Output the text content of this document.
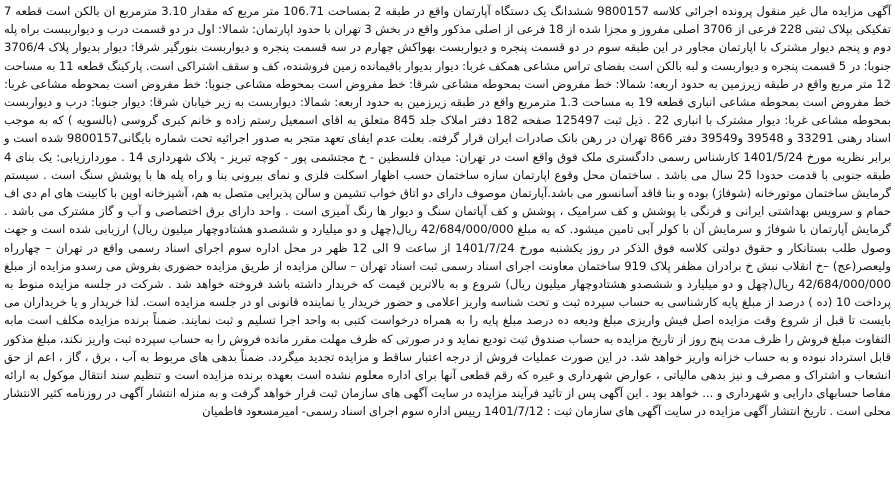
آگهی مزایده مال غیر منقول پرونده اجرائی کلاسه 9800157 ششدانگ یک دستگاه آپارتمان واقع در طبقه 2 بمساحت 106.71 متر مربع که مقدار 3.10 مترمربع ان بالکن است قطعه 7 تفکیکی بپلاک ثبتی 228 فرعی از 3706 اصلی مفروز و مجزا شده از 18 فرعی از اصلی مذکور واقع در بخش 3 تهران با حدود اپارتمان: شمالا: اول در دو قسمت درب و دیوارببست براه پله دوم و پنجم دیوار مشترک با اپارتمان مجاور در این طبقه سوم در دو قسمت پنجره و دیواربست بهواکش چهارم در سه قسمت پنجره و دیواربست بنورگیر شرقا: دیوار بدیوار پلاک 3706/4 جنوبا: در 5 قسمت پنجره و دیواربست و لبه بالکن است بفضای تراس مشاعی همکف غربا: دیوار بدیوار باقیمانده زمین فروشنده، کف و سقف اشتراکی است. پارکینگ قطعه 11 به مساحت 12 متر مربع واقع در طبقه زیرزمین به حدود اربعه: شمالا: خط مفروض است بمحوطه مشاعی شرقا: خط مفروض است بمحوطه مشاعی جنوبا: خط مفروض است بمحوطه مشاعی غربا: خط مفروض است بمحوطه مشاعی انباری قطعه 19 به مساحت 1.3 مترمربع واقع در طبقه زیرزمین به حدود اربعه: شمالا: دیواربست به زیر خیابان شرقا: دیوار جنوبا: درب و دیواربست بمحوطه مشاعی غربا: دیوار مشترک با انباری 22 . ذیل ثبت 125497 صفحه 182 دفتر املاک جلد 845 متعلق به اقای اسمعیل رستم زاده و خانم کبری گروسی (بالسویه ) که به موجب اسناد رهنی 33291 و 39548 و39549 دفتر 866 تهران در رهن بانک صادرات ایران قرار گرفته. بعلت عدم ایفای تعهد متجر به صدور اجرائیه تحت شماره بایگانی9800157 شده است و برابر نظریه مورخ 1401/5/24 کارشناس رسمی دادگستری ملک فوق واقع است در تهران: میدان فلسطین - خ مجتشمی پور - کوچه تبریز - پلاک شهرداری 14 . موردارزیابی: یک بنای 4 طبقه جنوبی با قدمت حدودا 25 سال می باشد . ساختمان محل وقوع اپارتمان سازه ساختمان حسب اظهار اسکلت فلزی و نمای بیرونی بنا و راه پله ها با پوشش سنگ است . سیستم گرمایش ساختمان موتورخانه (شوفاژ) بوده و بنا فاقد آسانسور می باشد.آپارتمان موصوف دارای دو اتاق خواب تشیمن و سالن پذیرایی متصل به هم، آشپزخانه اوپن با کابینت های ام دی اف حمام و سرویس بهداشتی ایرانی و فرنگی با پوشش و کف سرامیک ، پوشش و کف آپاتمان سنگ و دیوار ها رنگ آمیزی است . واحد دارای برق اختصاصی و آب و گاز مشترک می باشد . گرمایش آپارتمان با شوفاژ و سرمایش آن با کولر آبی تامین میشود. که به مبلغ 42/684/000/000 ریال(چهل و دو میلیارد و ششصدو هشتادوچهار میلیون ریال) ارزیابی شده است و جهت وصول طلب بستانکار و حقوق دولتی کلاسه فوق الذکر در روز یکشنبه مورخ 1401/7/24 از ساعت 9 الی 12 ظهر در محل اداره سوم اجرای اسناد رسمی واقع در تهران – چهارراه ولیعصر(عج) –خ انقلاب نبش خ برادران مظفر پلاک 919 ساختمان معاونت اجرای اسناد رسمی ثبت اسناد تهران – سالن مزایده از طریق مزایده حضوری بفروش می رسدو مزایده از مبلغ 42/684/000/000 ریال(چهل و دو میلیارد و ششصدو هشتادوچهار میلیون ریال) شروع و به بالاترین قیمت که خریدار داشته باشد فروخته خواهد شد . شرکت در جلسه مزایده منوط به پرداخت 10 (ده ) درصد از مبلغ پایه کارشناسی به حساب سپرده ثبت و تحت شناسه واریز اعلامی و حضور خریدار یا نماینده قانونی او در جلسه مزایده است. لذا خریدار و یا خریداران می بایست تا قبل از شروع وقت مزایده اصل فیش واریزی مبلغ ودیعه ده درصد مبلغ پایه را به همراه درخواست کتبی به واحد اجرا تسلیم و ثبت نمایند. ضمناً برنده مزایده مکلف است مابه التفاوت مبلغ فروش را ظرف مدت پنج روز از تاریخ مزایده به حساب صندوق ثبت تودیع نماید و در صورتی که ظرف مهلت مقرر مانده فروش را به حساب سپرده ثبت واریز نکند، مبلغ مذکور قابل استرداد نبوده و به حساب خزانه واریز خواهد شد. در این صورت عملیات فروش از درجه اعتبار ساقط و مزایده تجدید میگردد. ضمناً بدهی های مربوط به آب ، برق ، گاز ، اعم از حق انشعاب و اشتراک و مصرف و نیز بدهی مالیاتی ، عوارض شهرداری و غیره که رقم قطعی آنها برای اداره معلوم نشده است بعهده برنده مزایده است و تنظیم سند انتقال موکول به ارائه مفاصا حسابهای دارایی و شهرداری و ... خواهد بود . این آگهی پس از تائید فرآیند مزایده در سایت آگهی های سازمان ثبت قرار خواهد گرفت و به منزله انتشار آگهی در روزنامه کثیر الانتشار محلی است . تاریخ انتشار آگهی مزایده در سایت آگهی های سازمان ثبت : 1401/7/12 رییس اداره سوم اجرای اسناد رسمی- امیرمسعود فاطمیان
